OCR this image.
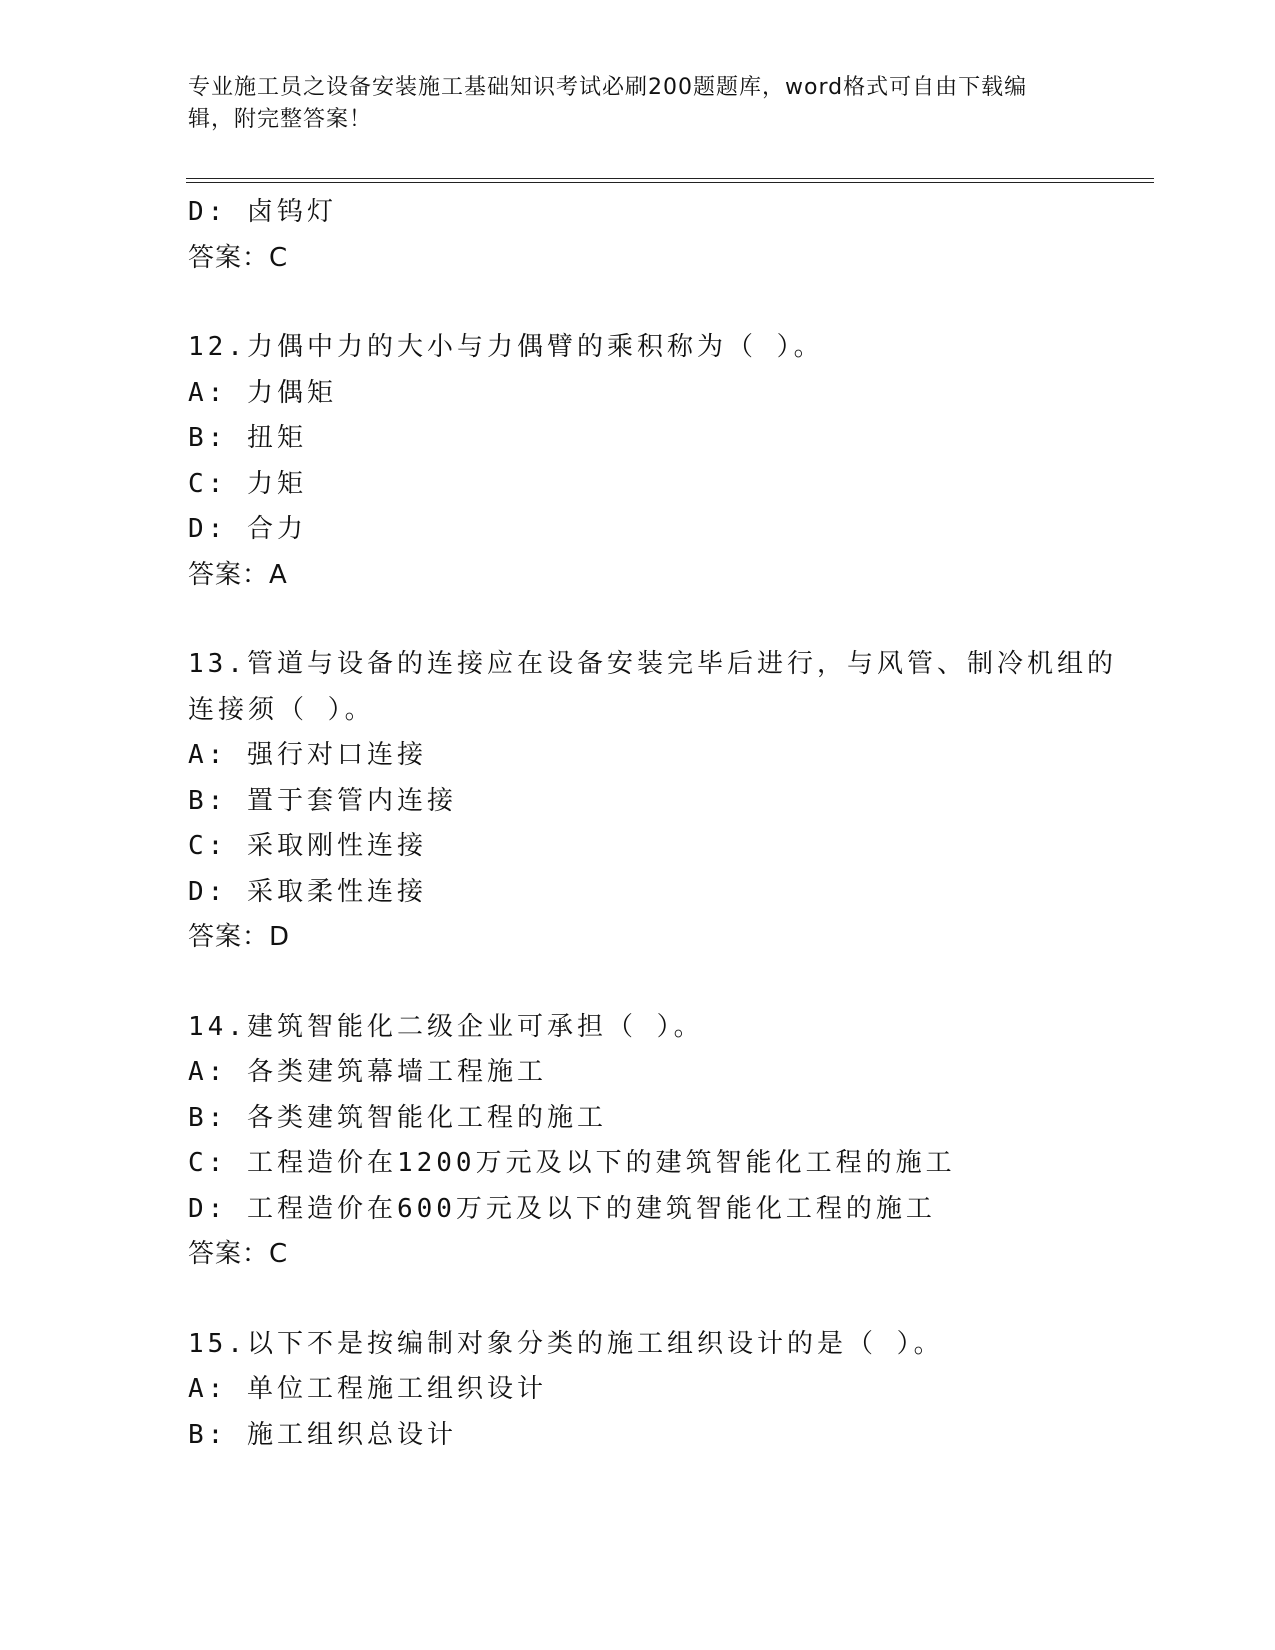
专业施工员之设备安装施工基础知识考试必刷200题题库，word格式可自由下载编辑，附完整答案！
D: 卤钨灯
答案：C
12.力偶中力的大小与力偶臂的乘积称为（ ）。
A: 力偶矩
B: 扭矩
C: 力矩
D: 合力
答案：A
13.管道与设备的连接应在设备安装完毕后进行，与风管、制冷机组的
连接须（ ）。
A: 强行对口连接
B: 置于套管内连接
C: 采取刚性连接
D: 采取柔性连接
答案：D
14.建筑智能化二级企业可承担（ ）。
A: 各类建筑幕墙工程施工
B: 各类建筑智能化工程的施工
C: 工程造价在1200万元及以下的建筑智能化工程的施工
D: 工程造价在600万元及以下的建筑智能化工程的施工
答案：C
15.以下不是按编制对象分类的施工组织设计的是（ ）。
A: 单位工程施工组织设计
B: 施工组织总设计
